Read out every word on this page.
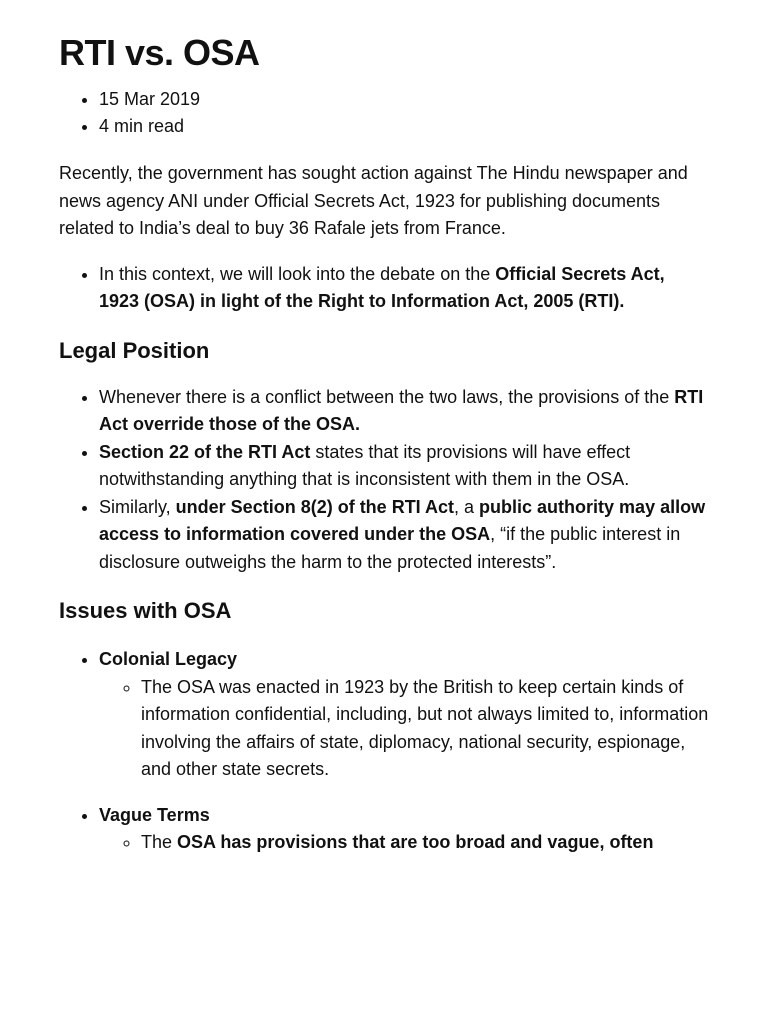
RTI vs. OSA
• 15 Mar 2019
• 4 min read

Recently, the government has sought action against The Hindu newspaper and news agency ANI under Official Secrets Act, 1923 for publishing documents related to India’s deal to buy 36 Rafale jets from France.

• In this context, we will look into the debate on the Official Secrets Act, 1923 (OSA) in light of the Right to Information Act, 2005 (RTI).
Legal Position
• Whenever there is a conflict between the two laws, the provisions of the RTI Act override those of the OSA.
• Section 22 of the RTI Act states that its provisions will have effect notwithstanding anything that is inconsistent with them in the OSA.
• Similarly, under Section 8(2) of the RTI Act, a public authority may allow access to information covered under the OSA, “if the public interest in disclosure outweighs the harm to the protected interests”.
Issues with OSA
• Colonial Legacy
◦ The OSA was enacted in 1923 by the British to keep certain kinds of information confidential, including, but not always limited to, information involving the affairs of state, diplomacy, national security, espionage, and other state secrets.
• Vague Terms
◦ The OSA has provisions that are too broad and vague, often
